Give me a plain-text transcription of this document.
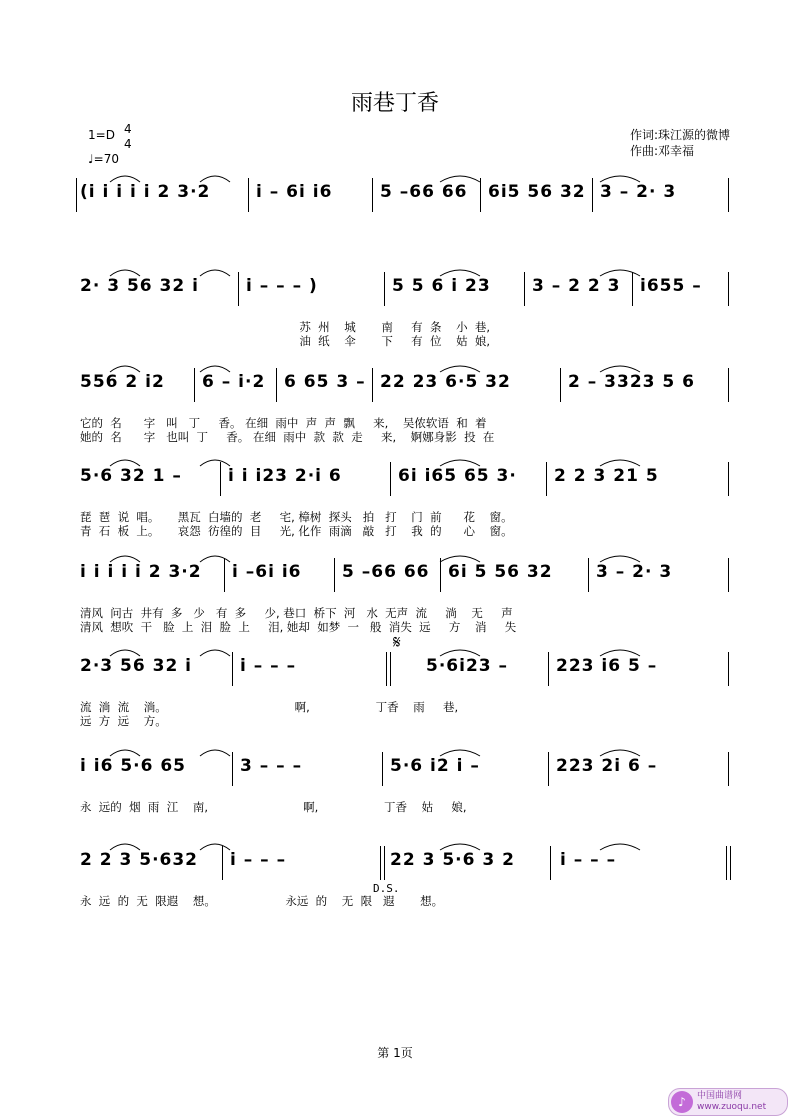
雨巷丁香
1=D 4
4
♩=70
作词:珠江源的微博
作曲:邓幸福
(i i i i i 2 3·2	i – 6i i6	5 –66 66 6i5 56 32 3 – 2· 3
2· 3 56 32 i	i – – – )	5 5 6 i 23 3 – 2 2 3 i655 –
苏  州    城       南     有  条    小  巷,
油  纸    伞       下     有  位    姑  娘,
556 2 i2 6 – i·2 6 65 3 – 22 23 6·5 32	2 – 3323 5 6
它的  名      字   叫   丁     香。 在细  雨中  声  声  飘     来,    吴侬软语  和  着
她的  名      字   也叫  丁     香。 在细  雨中  款  款  走     来,    婀娜身影  投  在
5·6 32 1 –	i i i23 2·i 6	6i i65 65 3· 2 2 3 21 5
琵  琶  说  唱。     黑瓦  白墙的  老     宅, 樟树  探头   拍   打    门  前      花    窗。
青  石  板  上。     哀怨  彷徨的  目     光, 化作  雨滴   敲   打    我  的      心    窗。
i i i i i 2 3·2 i –6i i6 5 –66 66 6i 5 56 32	3 – 2· 3
清风  问古  井有  多   少   有  多     少, 巷口  桥下  河   水  无声  流     淌    无     声
清风  想吹  干   脸  上  泪  脸  上     泪, 她却  如梦  一   般  消失  远     方    消     失
2·3 56 32 i	i – – –	5·6i23 –	223 i6 5 –
流  淌  流    淌。                                   啊,                  丁香    雨     巷,
远  方  远    方。
i i6 5·6 65	3 – – –	5·6 i2 i –	223 2i 6 –
永  远的  烟  雨  江    南,                          啊,                  丁香    姑     娘,
2 2 3 5·632 i – – –	22 3 5·6 3 2	i – – –
永  远  的  无  限遐    想。                   永远  的    无  限   遐       想。
𝄋
D.S.
第 1页
♪	中国曲谱网
www.zuoqu.net
